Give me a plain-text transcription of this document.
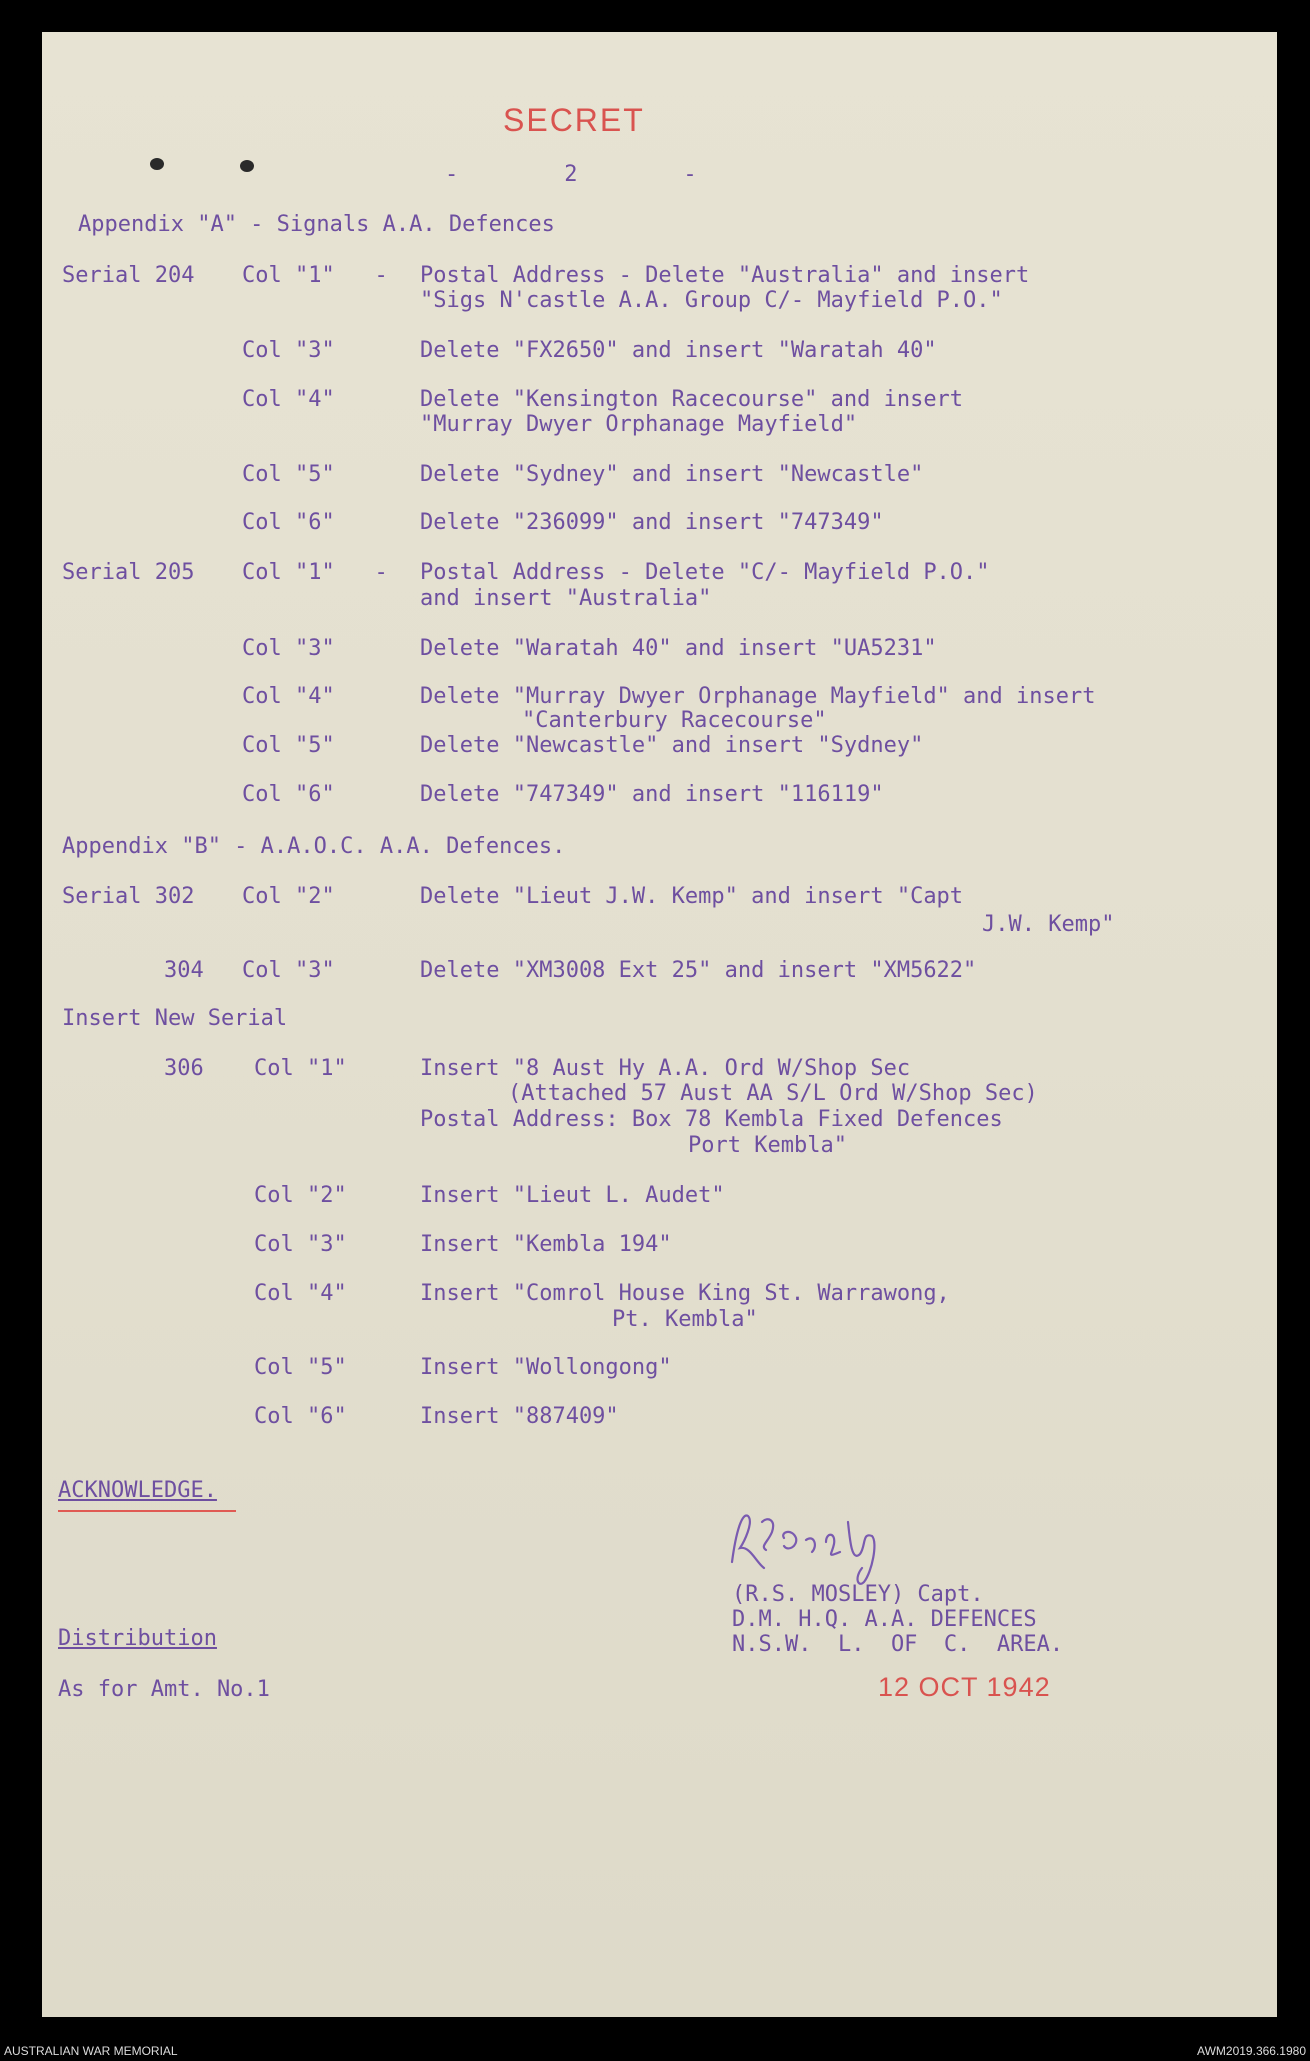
SECRET
-        2        -
Appendix "A" - Signals A.A. Defences
Serial 204 Col "1"   - Postal Address - Delete "Australia" and insert
"Sigs N'castle A.A. Group C/- Mayfield P.O."
Col "3"	Delete "FX2650" and insert "Waratah 40"
Col "4"	Delete "Kensington Racecourse" and insert
"Murray Dwyer Orphanage Mayfield"
Col "5"	Delete "Sydney" and insert "Newcastle"
Col "6"	Delete "236099" and insert "747349"
Serial 205 Col "1"   - Postal Address - Delete "C/- Mayfield P.O."
and insert "Australia"
Col "3"	Delete "Waratah 40" and insert "UA5231"
Col "4"	Delete "Murray Dwyer Orphanage Mayfield" and insert
"Canterbury Racecourse"
Col "5"	Delete "Newcastle" and insert "Sydney"
Col "6"	Delete "747349" and insert "116119"
Appendix "B" - A.A.O.C. A.A. Defences.
Serial 302 Col "2"	Delete "Lieut J.W. Kemp" and insert "Capt
J.W. Kemp"
304 Col "3"	Delete "XM3008 Ext 25" and insert "XM5622"
Insert New Serial
306 Col "1"	Insert "8 Aust Hy A.A. Ord W/Shop Sec
(Attached 57 Aust AA S/L Ord W/Shop Sec)
Postal Address: Box 78 Kembla Fixed Defences
Port Kembla"
Col "2"	Insert "Lieut L. Audet"
Col "3"	Insert "Kembla 194"
Col "4"	Insert "Comrol House King St. Warrawong,
Pt. Kembla"
Col "5"	Insert "Wollongong"
Col "6"	Insert "887409"
ACKNOWLEDGE.
(R.S. MOSLEY) Capt.
D.M. H.Q. A.A. DEFENCES
N.S.W.  L.  OF  C.  AREA.
Distribution
As for Amt. No.1	12 OCT 1942
AUSTRALIAN WAR MEMORIAL	AWM2019.366.1980
